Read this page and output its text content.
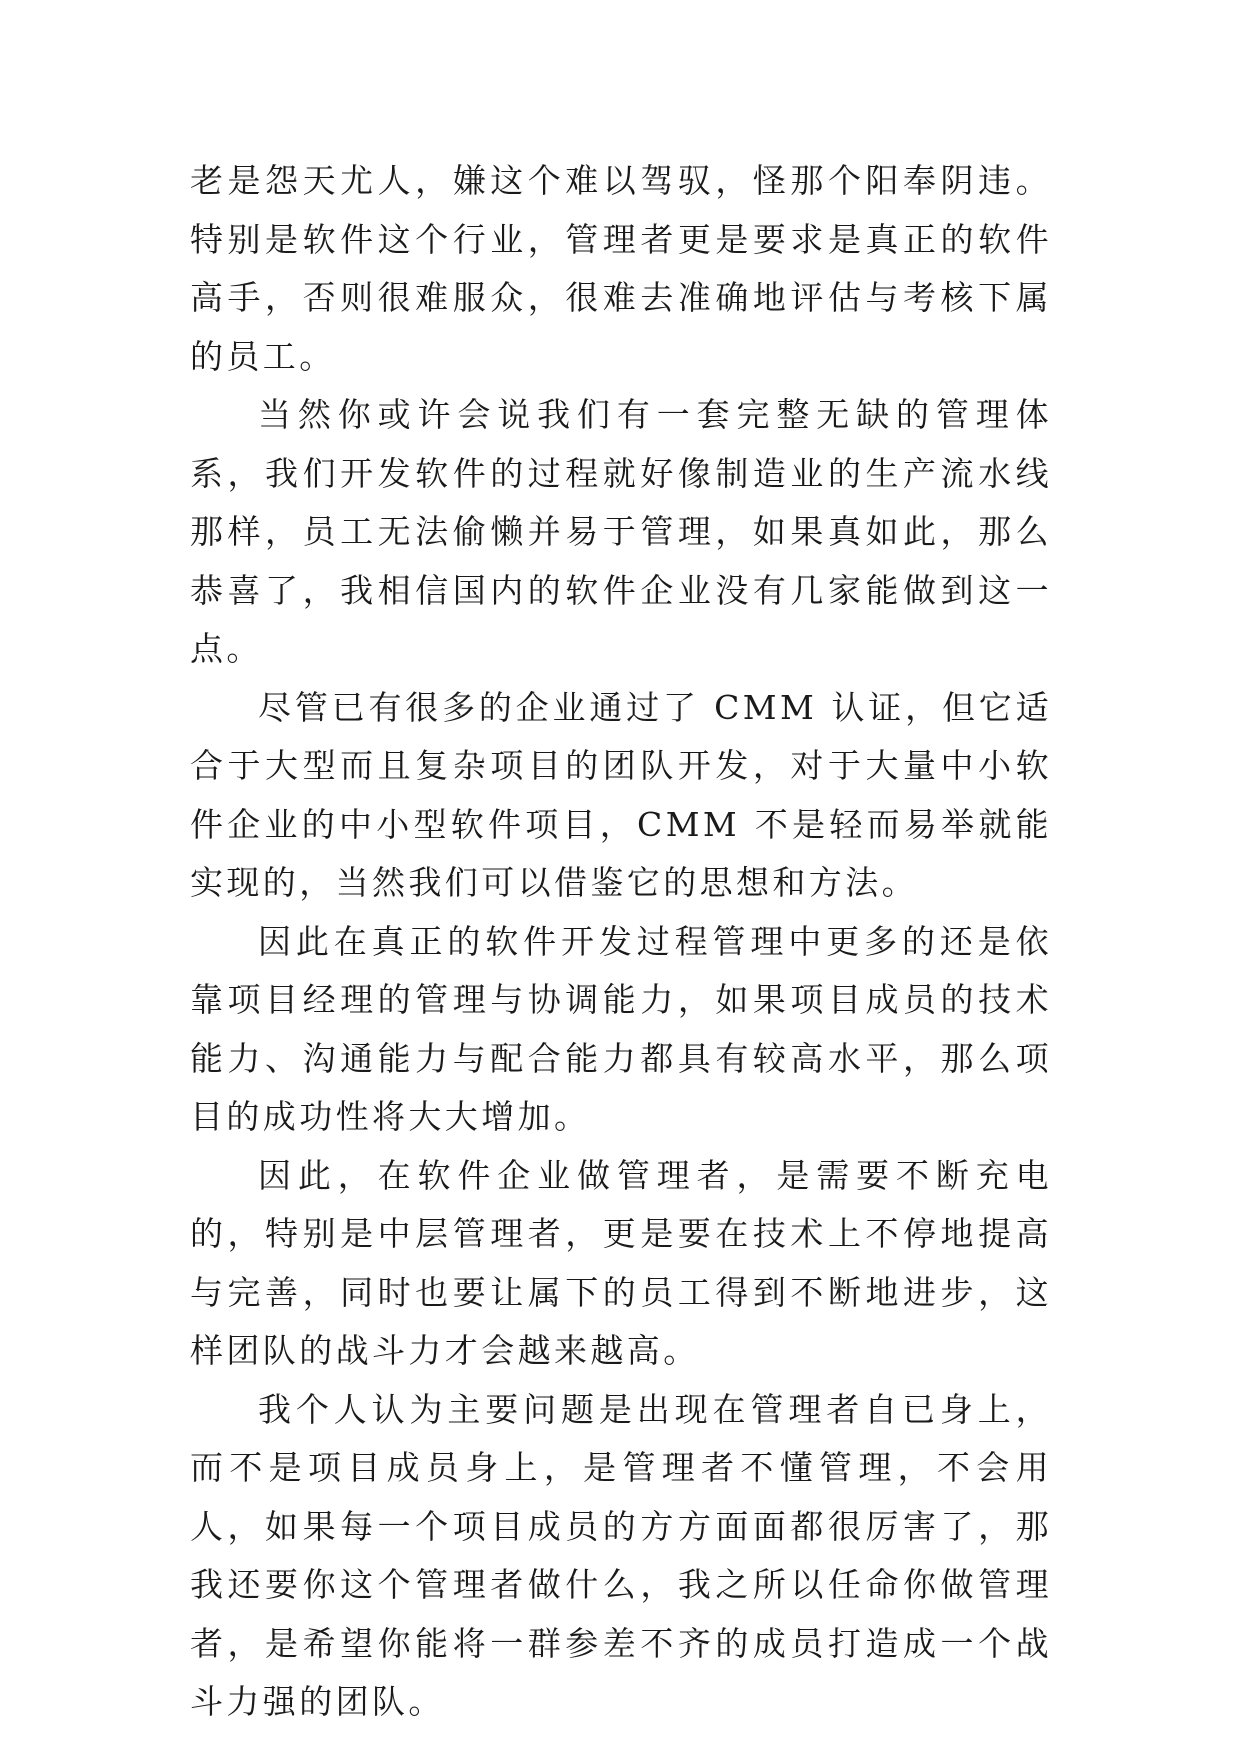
老是怨天尤人，嫌这个难以驾驭，怪那个阳奉阴违。特别是软件这个行业，管理者更是要求是真正的软件高手，否则很难服众，很难去准确地评估与考核下属的员工。

当然你或许会说我们有一套完整无缺的管理体系，我们开发软件的过程就好像制造业的生产流水线那样，员工无法偷懒并易于管理，如果真如此，那么恭喜了，我相信国内的软件企业没有几家能做到这一点。

尽管已有很多的企业通过了 CMM 认证，但它适合于大型而且复杂项目的团队开发，对于大量中小软件企业的中小型软件项目，CMM 不是轻而易举就能实现的，当然我们可以借鉴它的思想和方法。

因此在真正的软件开发过程管理中更多的还是依靠项目经理的管理与协调能力，如果项目成员的技术能力、沟通能力与配合能力都具有较高水平，那么项目的成功性将大大增加。

因此，在软件企业做管理者，是需要不断充电的，特别是中层管理者，更是要在技术上不停地提高与完善，同时也要让属下的员工得到不断地进步，这样团队的战斗力才会越来越高。

我个人认为主要问题是出现在管理者自已身上，而不是项目成员身上，是管理者不懂管理，不会用人，如果每一个项目成员的方方面面都很厉害了，那我还要你这个管理者做什么，我之所以任命你做管理者，是希望你能将一群参差不齐的成员打造成一个战斗力强的团队。
